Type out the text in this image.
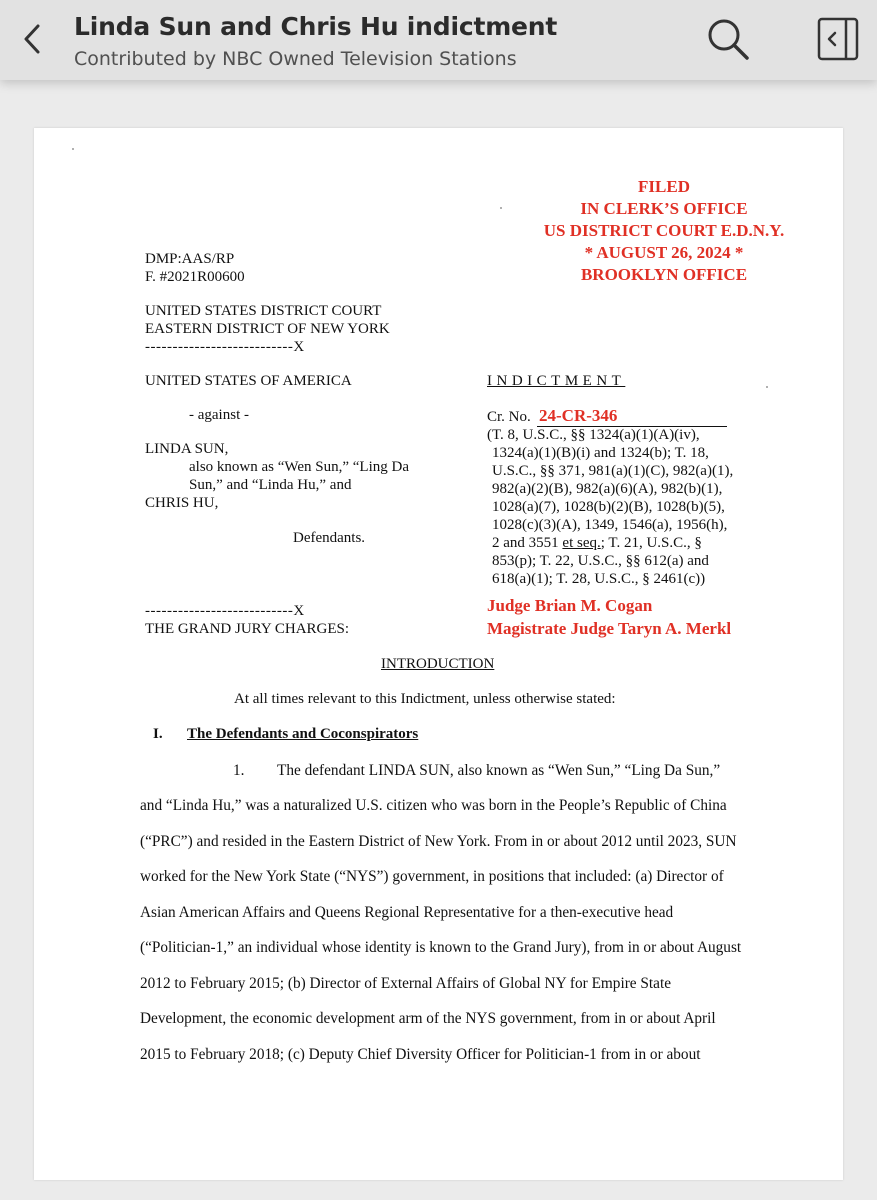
Linda Sun and Chris Hu indictment
Contributed by NBC Owned Television Stations
FILED
IN CLERK’S OFFICE
US DISTRICT COURT E.D.N.Y.
* AUGUST 26, 2024 *
BROOKLYN OFFICE
DMP:AAS/RP
F. #2021R00600
UNITED STATES DISTRICT COURT
EASTERN DISTRICT OF NEW YORK
---------------------------X
UNITED STATES OF AMERICA
- against -
LINDA SUN,
also known as “Wen Sun,” “Ling Da
Sun,” and “Linda Hu,” and
CHRIS HU,
Defendants.
---------------------------X
THE GRAND JURY CHARGES:
INDICTMENT
Cr. No. 24-CR-346
(T. 8, U.S.C., §§ 1324(a)(1)(A)(iv),
1324(a)(1)(B)(i) and 1324(b); T. 18,
U.S.C., §§ 371, 981(a)(1)(C), 982(a)(1),
982(a)(2)(B), 982(a)(6)(A), 982(b)(1),
1028(a)(7), 1028(b)(2)(B), 1028(b)(5),
1028(c)(3)(A), 1349, 1546(a), 1956(h),
2 and 3551 et seq.; T. 21, U.S.C., §
853(p); T. 22, U.S.C., §§ 612(a) and
618(a)(1); T. 28, U.S.C., § 2461(c))
Judge Brian M. Cogan
Magistrate Judge Taryn A. Merkl
INTRODUCTION
At all times relevant to this Indictment, unless otherwise stated:
I. The Defendants and Coconspirators
1. The defendant LINDA SUN, also known as “Wen Sun,” “Ling Da Sun,”
and “Linda Hu,” was a naturalized U.S. citizen who was born in the People’s Republic of China
(“PRC”) and resided in the Eastern District of New York. From in or about 2012 until 2023, SUN
worked for the New York State (“NYS”) government, in positions that included: (a) Director of
Asian American Affairs and Queens Regional Representative for a then-executive head
(“Politician-1,” an individual whose identity is known to the Grand Jury), from in or about August
2012 to February 2015; (b) Director of External Affairs of Global NY for Empire State
Development, the economic development arm of the NYS government, from in or about April
2015 to February 2018; (c) Deputy Chief Diversity Officer for Politician-1 from in or about
